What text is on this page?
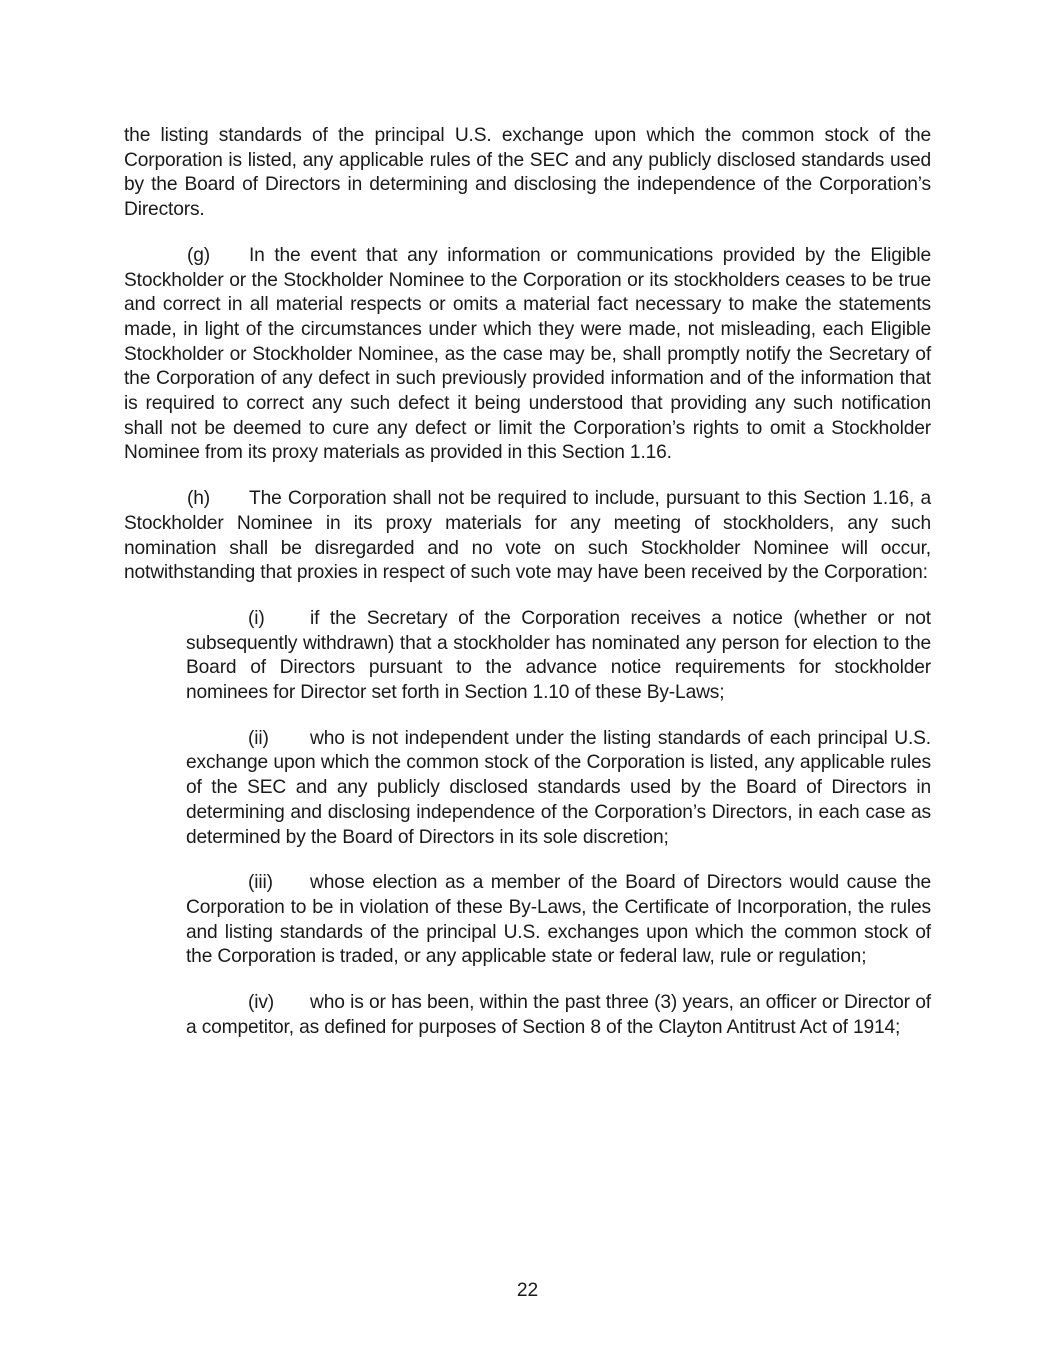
the listing standards of the principal U.S. exchange upon which the common stock of the Corporation is listed, any applicable rules of the SEC and any publicly disclosed standards used by the Board of Directors in determining and disclosing the independence of the Corporation’s Directors.

(g) In the event that any information or communications provided by the Eligible Stockholder or the Stockholder Nominee to the Corporation or its stockholders ceases to be true and correct in all material respects or omits a material fact necessary to make the statements made, in light of the circumstances under which they were made, not misleading, each Eligible Stockholder or Stockholder Nominee, as the case may be, shall promptly notify the Secretary of the Corporation of any defect in such previously provided information and of the information that is required to correct any such defect it being understood that providing any such notification shall not be deemed to cure any defect or limit the Corporation’s rights to omit a Stockholder Nominee from its proxy materials as provided in this Section 1.16.

(h) The Corporation shall not be required to include, pursuant to this Section 1.16, a Stockholder Nominee in its proxy materials for any meeting of stockholders, any such nomination shall be disregarded and no vote on such Stockholder Nominee will occur, notwithstanding that proxies in respect of such vote may have been received by the Corporation:

(i) if the Secretary of the Corporation receives a notice (whether or not subsequently withdrawn) that a stockholder has nominated any person for election to the Board of Directors pursuant to the advance notice requirements for stockholder nominees for Director set forth in Section 1.10 of these By-Laws;

(ii) who is not independent under the listing standards of each principal U.S. exchange upon which the common stock of the Corporation is listed, any applicable rules of the SEC and any publicly disclosed standards used by the Board of Directors in determining and disclosing independence of the Corporation’s Directors, in each case as determined by the Board of Directors in its sole discretion;

(iii) whose election as a member of the Board of Directors would cause the Corporation to be in violation of these By-Laws, the Certificate of Incorporation, the rules and listing standards of the principal U.S. exchanges upon which the common stock of the Corporation is traded, or any applicable state or federal law, rule or regulation;

(iv) who is or has been, within the past three (3) years, an officer or Director of a competitor, as defined for purposes of Section 8 of the Clayton Antitrust Act of 1914;

22
